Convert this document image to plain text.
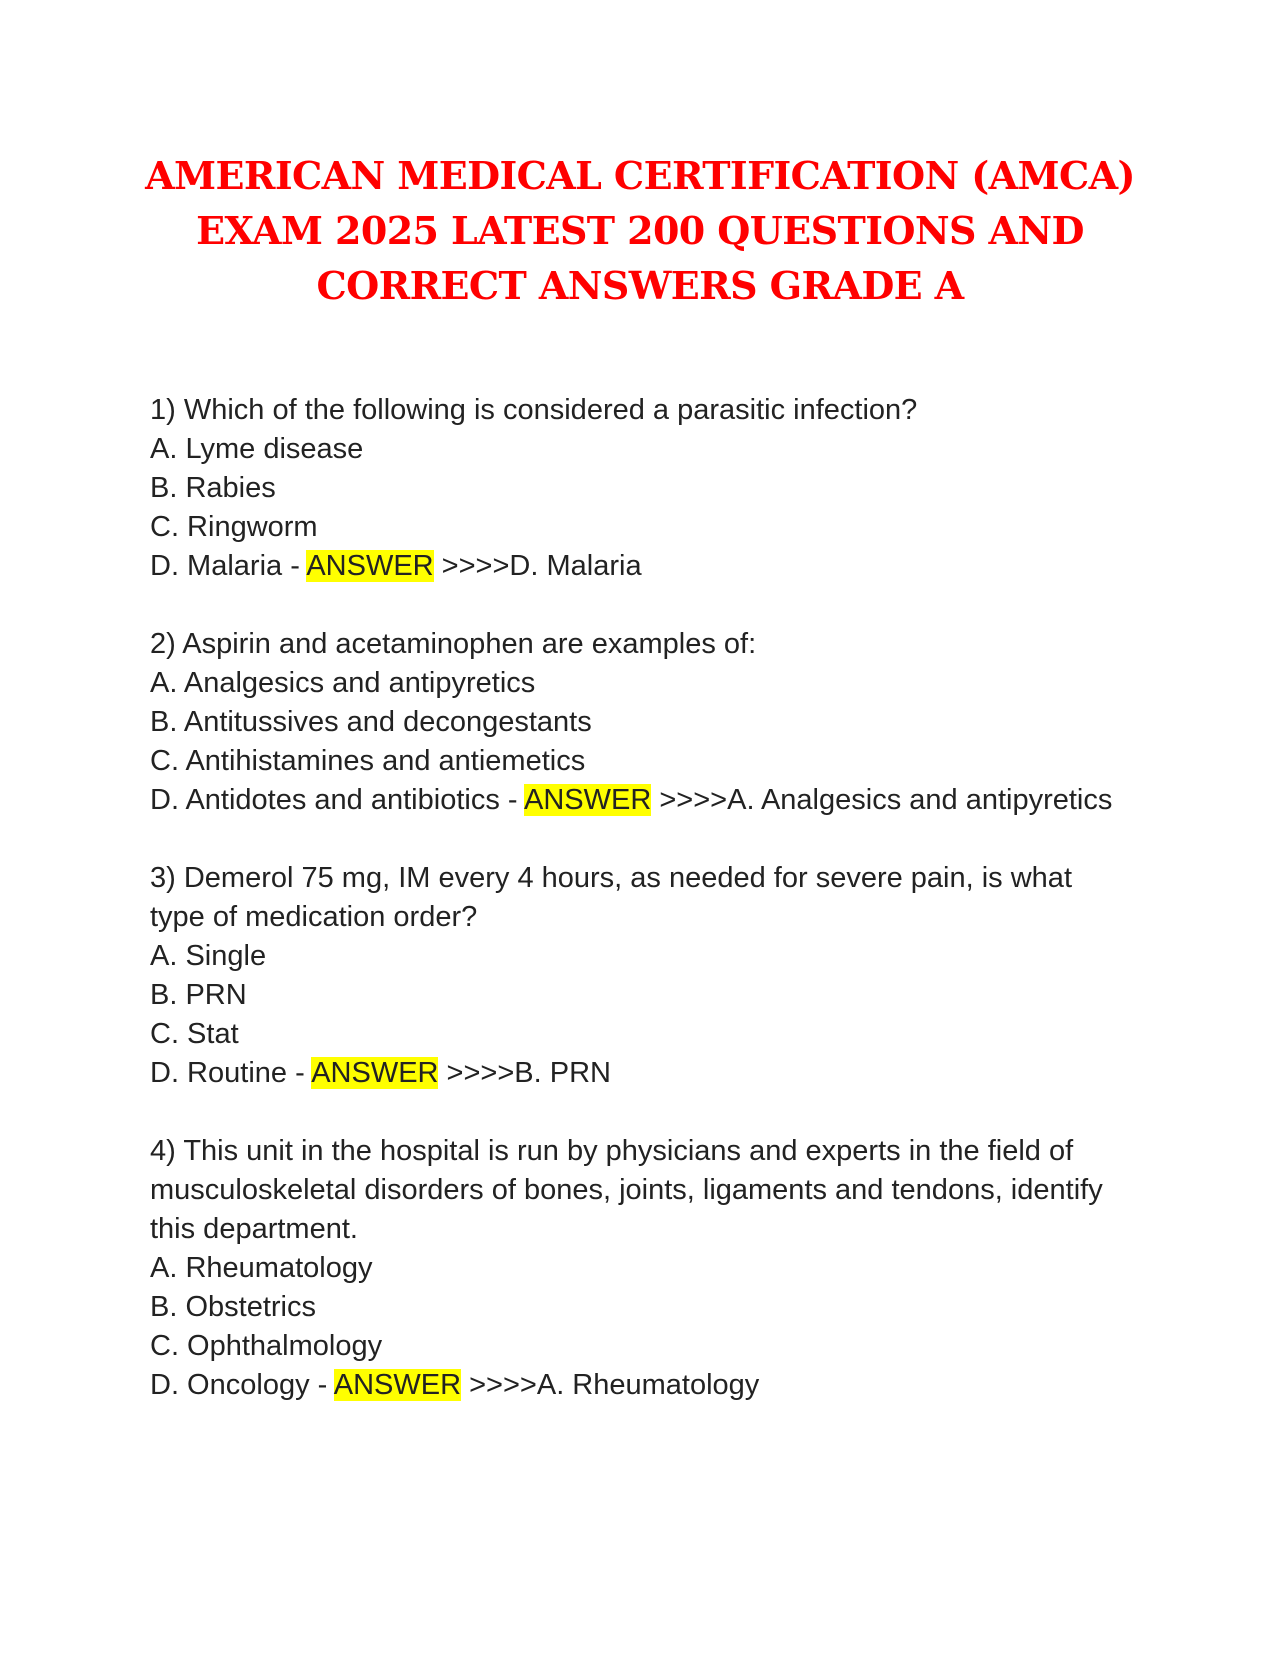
AMERICAN MEDICAL CERTIFICATION (AMCA)
EXAM 2025 LATEST 200 QUESTIONS AND
CORRECT ANSWERS GRADE A
1) Which of the following is considered a parasitic infection?
A. Lyme disease
B. Rabies
C. Ringworm
D. Malaria - ANSWER >>>>D. Malaria
2) Aspirin and acetaminophen are examples of:
A. Analgesics and antipyretics
B. Antitussives and decongestants
C. Antihistamines and antiemetics
D. Antidotes and antibiotics - ANSWER >>>>A. Analgesics and antipyretics
3) Demerol 75 mg, IM every 4 hours, as needed for severe pain, is what type of medication order?
A. Single
B. PRN
C. Stat
D. Routine - ANSWER >>>>B. PRN
4) This unit in the hospital is run by physicians and experts in the field of musculoskeletal disorders of bones, joints, ligaments and tendons, identify this department.
A. Rheumatology
B. Obstetrics
C. Ophthalmology
D. Oncology - ANSWER >>>>A. Rheumatology
